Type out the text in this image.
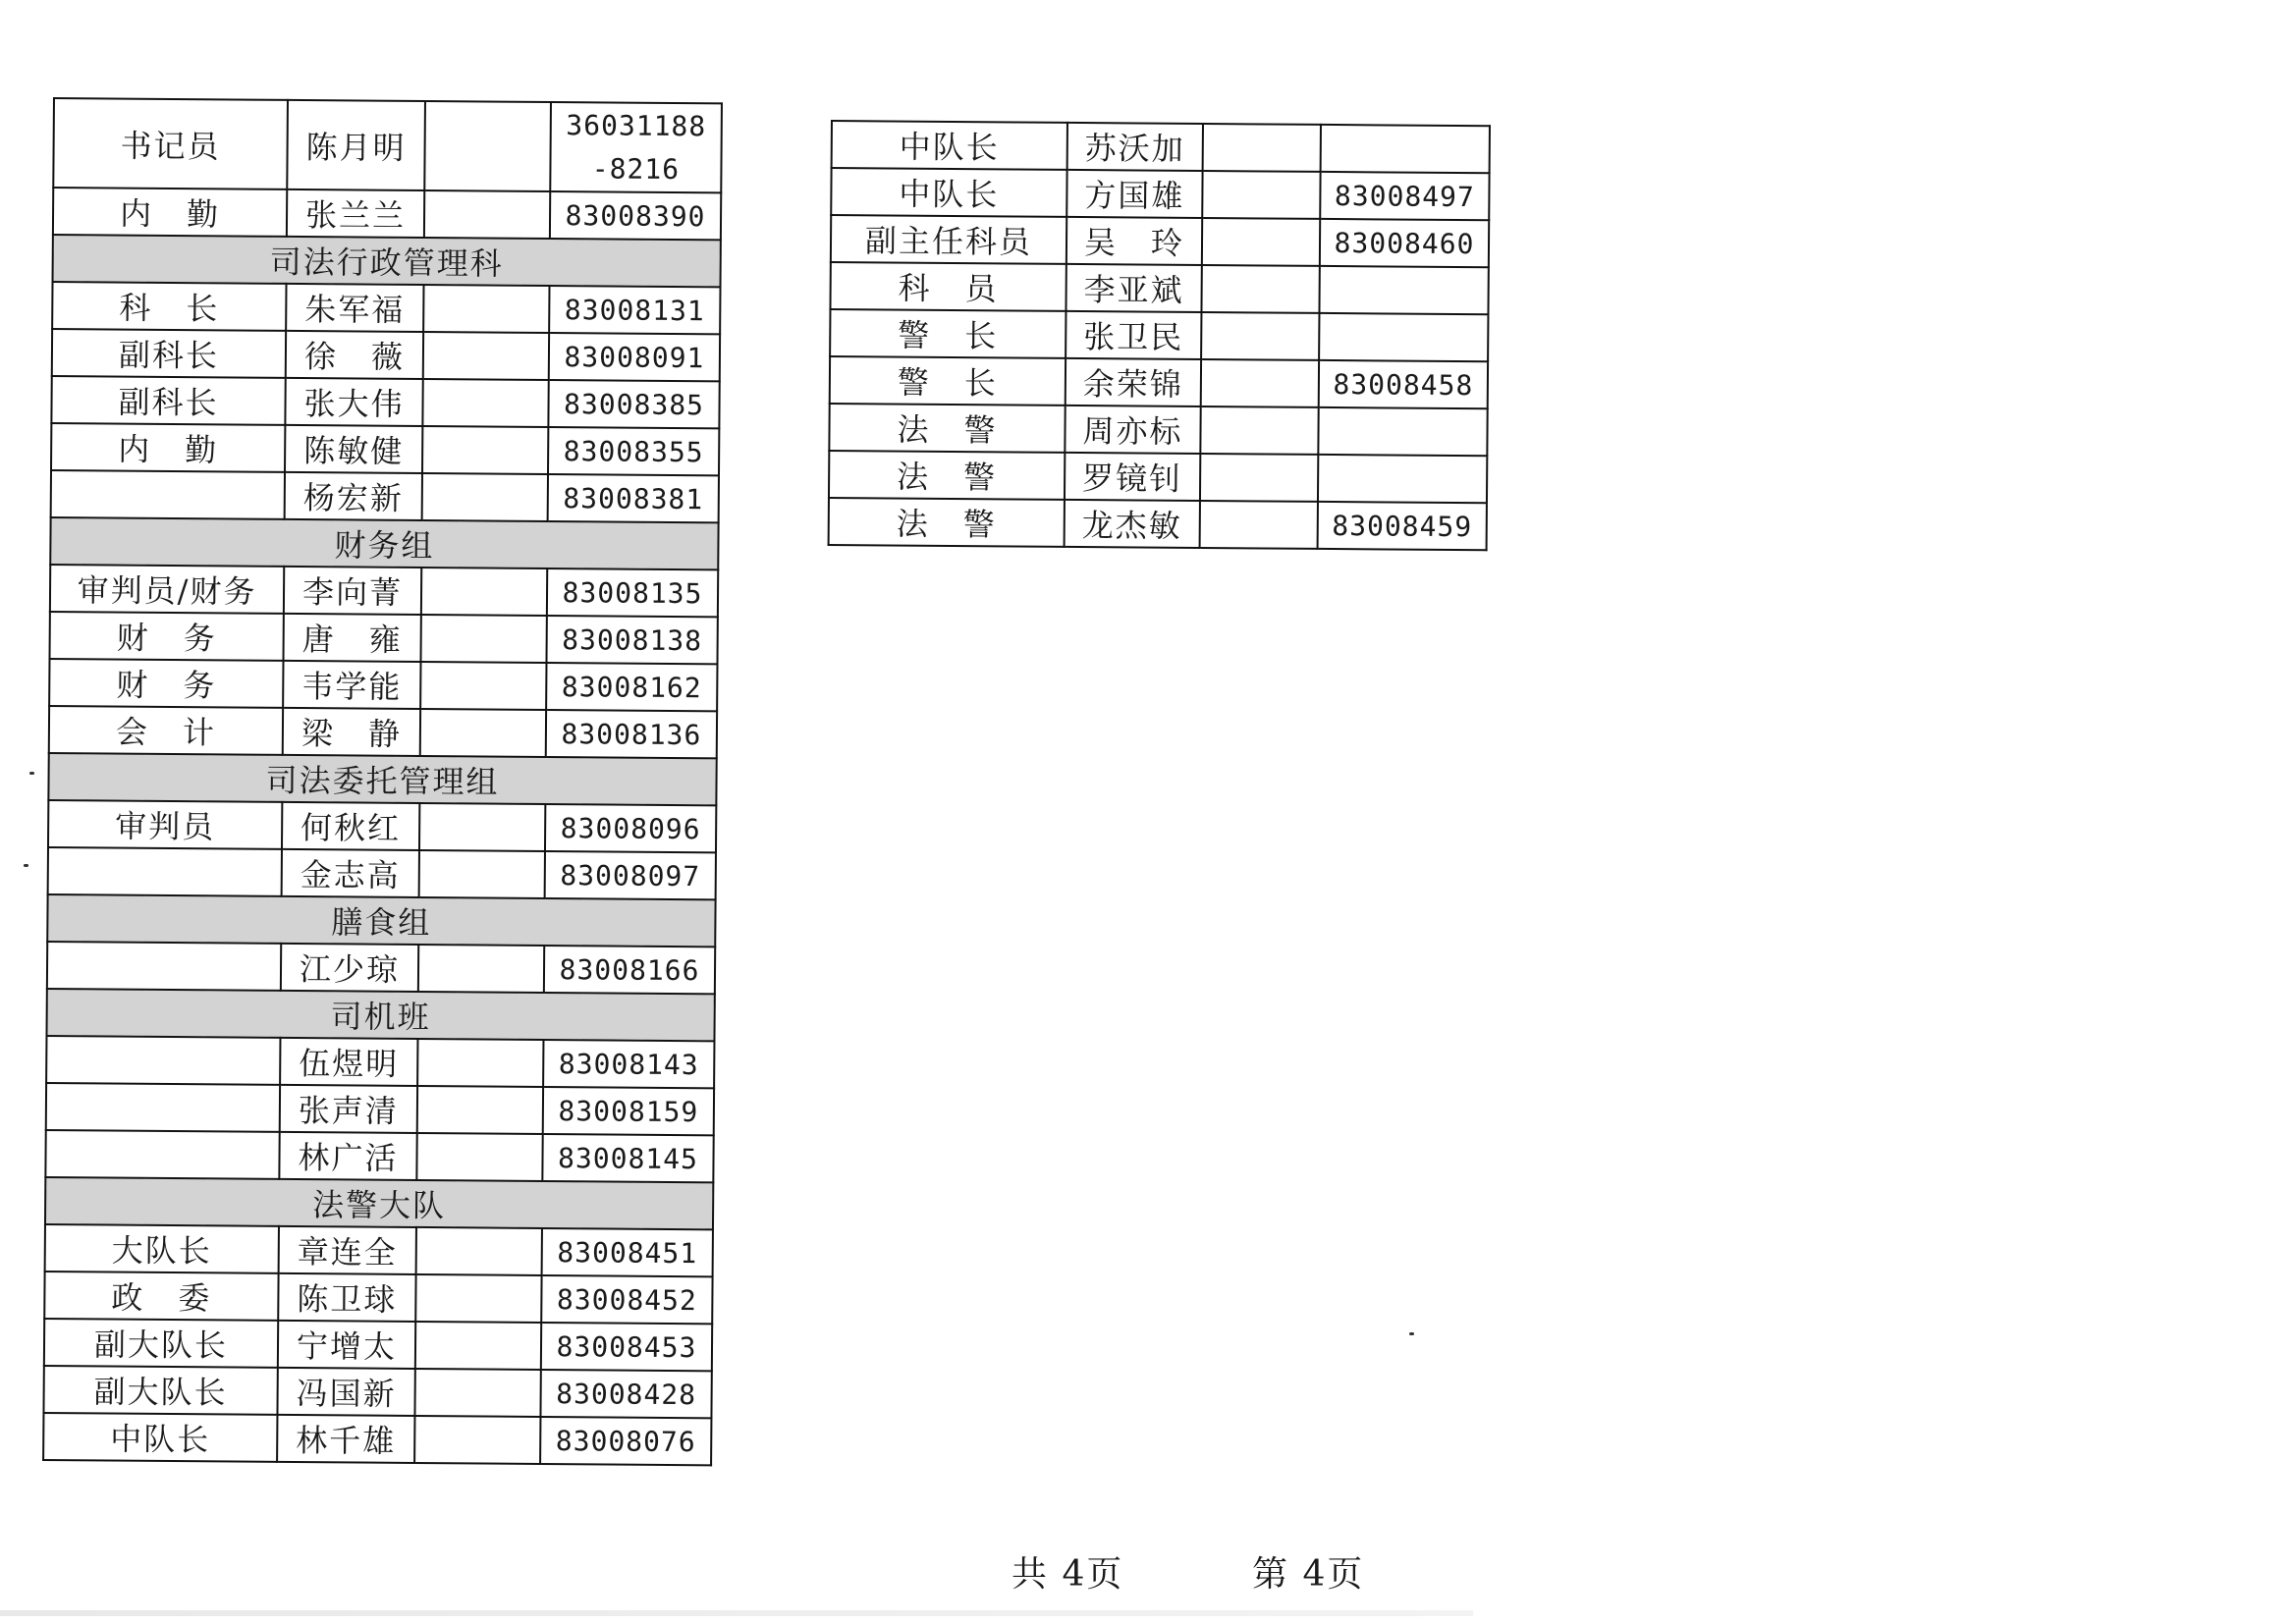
书记员	陈月明		36031188 -8216
内　勤	张兰兰		83008390
司法行政管理科			
科　长	朱军福		83008131
副科长	徐　薇		83008091
副科长	张大伟		83008385
内　勤	陈敏健		83008355
	杨宏新		83008381
财务组			
审判员/财务	李向菁		83008135
财　务	唐　雍		83008138
财　务	韦学能		83008162
会　计	梁　静		83008136
司法委托管理组			
审判员	何秋红		83008096
	金志高		83008097
膳食组			
	江少琼		83008166
司机班			
	伍煜明		83008143
	张声清		83008159
	林广活		83008145
法警大队			
大队长	章连全		83008451
政　委	陈卫球		83008452
副大队长	宁增太		83008453
副大队长	冯国新		83008428
中队长	林千雄		83008076
中队长	苏沃加		
中队长	方国雄		83008497
副主任科员	吴　玲		83008460
科　员	李亚斌		
警　长	张卫民		
警　长	余荣锦		83008458
法　警	周亦标		
法　警	罗镜钊		
法　警	龙杰敏		83008459
共 4页	第 4页
